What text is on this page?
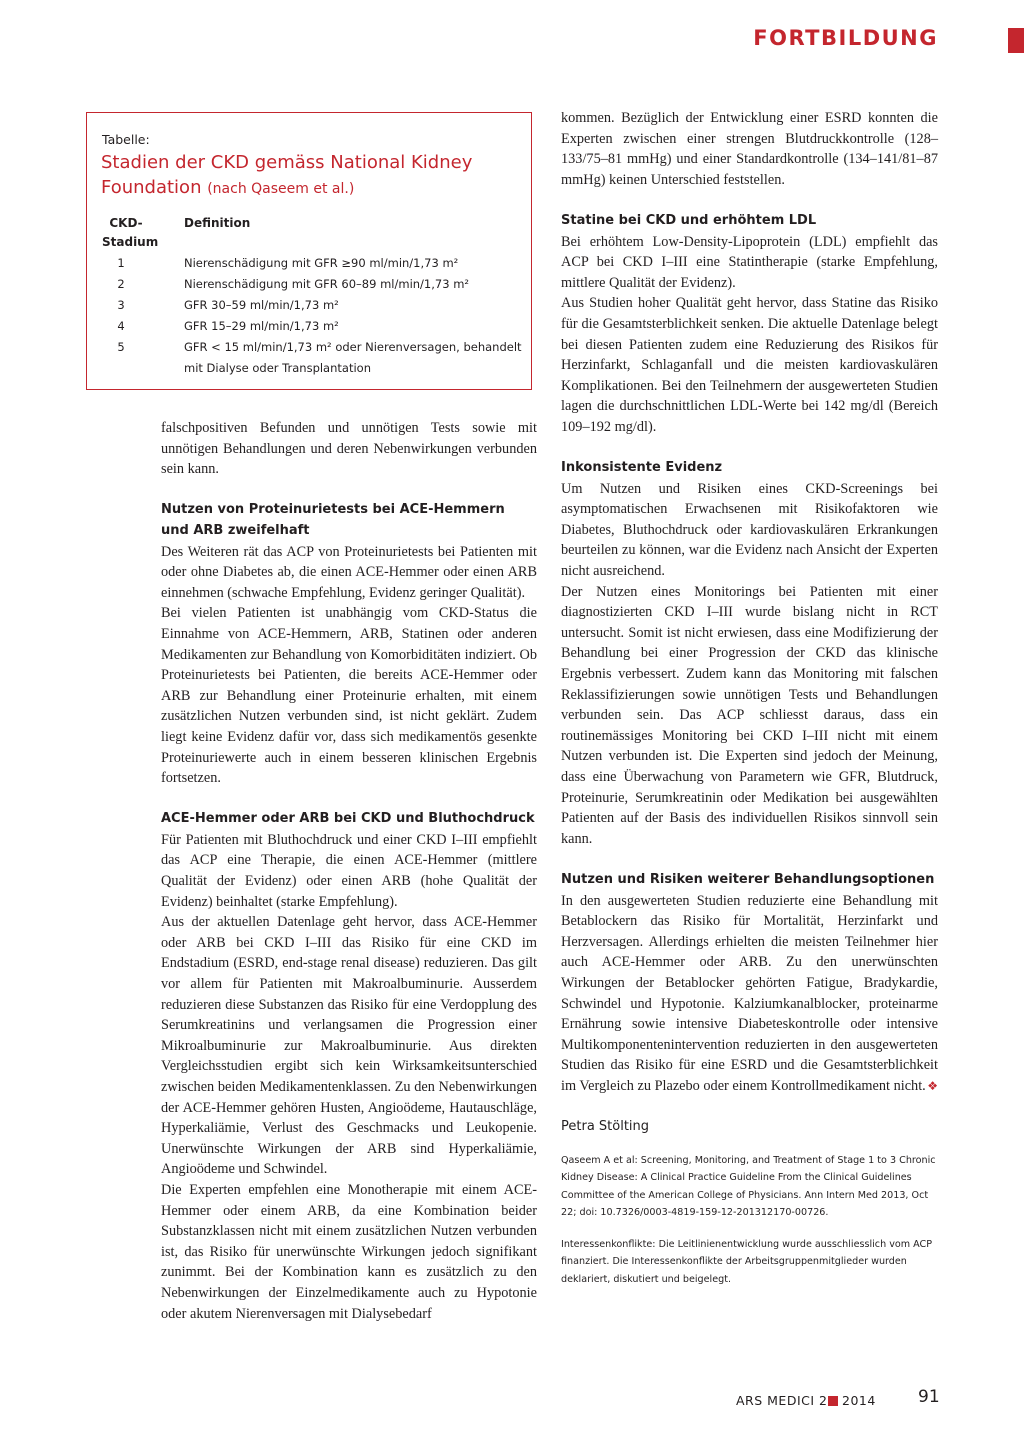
FORTBILDUNG
Tabelle:
Stadien der CKD gemäss National Kidney Foundation (nach Qaseem et al.)
CKD-Stadium
Definition
1	Nierenschädigung mit GFR ≥90 ml/min/1,73 m²
2	Nierenschädigung mit GFR 60–89 ml/min/1,73 m²
3	GFR 30–59 ml/min/1,73 m²
4	GFR 15–29 ml/min/1,73 m²
5	GFR < 15 ml/min/1,73 m² oder Nierenversagen, behandelt mit Dialyse oder Transplantation

falschpositiven Befunden und unnötigen Tests sowie mit unnötigen Behandlungen und deren Nebenwirkungen verbunden sein kann.

Nutzen von Proteinurietests bei ACE-Hemmern und ARB zweifelhaft

Des Weiteren rät das ACP von Proteinurietests bei Patienten mit oder ohne Diabetes ab, die einen ACE-Hemmer oder einen ARB einnehmen (schwache Empfehlung, Evidenz geringer Qualität).

Bei vielen Patienten ist unabhängig vom CKD-Status die Einnahme von ACE-Hemmern, ARB, Statinen oder anderen Medikamenten zur Behandlung von Komorbiditäten indiziert. Ob Proteinurietests bei Patienten, die bereits ACE-Hemmer oder ARB zur Behandlung einer Proteinurie erhalten, mit einem zusätzlichen Nutzen verbunden sind, ist nicht geklärt. Zudem liegt keine Evidenz dafür vor, dass sich medikamentös gesenkte Proteinuriewerte auch in einem besseren klinischen Ergebnis fortsetzen.

ACE-Hemmer oder ARB bei CKD und Bluthochdruck

Für Patienten mit Bluthochdruck und einer CKD I–III empfiehlt das ACP eine Therapie, die einen ACE-Hemmer (mittlere Qualität der Evidenz) oder einen ARB (hohe Qualität der Evidenz) beinhaltet (starke Empfehlung).

Aus der aktuellen Datenlage geht hervor, dass ACE-Hemmer oder ARB bei CKD I–III das Risiko für eine CKD im Endstadium (ESRD, end-stage renal disease) reduzieren. Das gilt vor allem für Patienten mit Makroalbuminurie. Ausserdem reduzieren diese Substanzen das Risiko für eine Verdopplung des Serumkreatinins und verlangsamen die Progression einer Mikroalbuminurie zur Makroalbuminurie. Aus direkten Vergleichsstudien ergibt sich kein Wirksamkeitsunterschied zwischen beiden Medikamentenklassen. Zu den Nebenwirkungen der ACE-Hemmer gehören Husten, Angioödeme, Hautauschläge, Hyperkaliämie, Verlust des Geschmacks und Leukopenie. Unerwünschte Wirkungen der ARB sind Hyperkaliämie, Angioödeme und Schwindel.

Die Experten empfehlen eine Monotherapie mit einem ACE-Hemmer oder einem ARB, da eine Kombination beider Substanzklassen nicht mit einem zusätzlichen Nutzen verbunden ist, das Risiko für unerwünschte Wirkungen jedoch signifikant zunimmt. Bei der Kombination kann es zusätzlich zu den Nebenwirkungen der Einzelmedikamente auch zu Hypotonie oder akutem Nierenversagen mit Dialysebedarf

kommen. Bezüglich der Entwicklung einer ESRD konnten die Experten zwischen einer strengen Blutdruckkontrolle (128–133/75–81 mmHg) und einer Standardkontrolle (134–141/81–87 mmHg) keinen Unterschied feststellen.

Statine bei CKD und erhöhtem LDL

Bei erhöhtem Low-Density-Lipoprotein (LDL) empfiehlt das ACP bei CKD I–III eine Statintherapie (starke Empfehlung, mittlere Qualität der Evidenz).

Aus Studien hoher Qualität geht hervor, dass Statine das Risiko für die Gesamtsterblichkeit senken. Die aktuelle Datenlage belegt bei diesen Patienten zudem eine Reduzierung des Risikos für Herzinfarkt, Schlaganfall und die meisten kardiovaskulären Komplikationen. Bei den Teilnehmern der ausgewerteten Studien lagen die durchschnittlichen LDL-Werte bei 142 mg/dl (Bereich 109–192 mg/dl).

Inkonsistente Evidenz

Um Nutzen und Risiken eines CKD-Screenings bei asymptomatischen Erwachsenen mit Risikofaktoren wie Diabetes, Bluthochdruck oder kardiovaskulären Erkrankungen beurteilen zu können, war die Evidenz nach Ansicht der Experten nicht ausreichend.

Der Nutzen eines Monitorings bei Patienten mit einer diagnostizierten CKD I–III wurde bislang nicht in RCT untersucht. Somit ist nicht erwiesen, dass eine Modifizierung der Behandlung bei einer Progression der CKD das klinische Ergebnis verbessert. Zudem kann das Monitoring mit falschen Reklassifizierungen sowie unnötigen Tests und Behandlungen verbunden sein. Das ACP schliesst daraus, dass ein routinemässiges Monitoring bei CKD I–III nicht mit einem Nutzen verbunden ist. Die Experten sind jedoch der Meinung, dass eine Überwachung von Parametern wie GFR, Blutdruck, Proteinurie, Serumkreatinin oder Medikation bei ausgewählten Patienten auf der Basis des individuellen Risikos sinnvoll sein kann.

Nutzen und Risiken weiterer Behandlungsoptionen

In den ausgewerteten Studien reduzierte eine Behandlung mit Betablockern das Risiko für Mortalität, Herzinfarkt und Herzversagen. Allerdings erhielten die meisten Teilnehmer hier auch ACE-Hemmer oder ARB. Zu den unerwünschten Wirkungen der Betablocker gehörten Fatigue, Bradykardie, Schwindel und Hypotonie. Kalziumkanalblocker, proteinarme Ernährung sowie intensive Diabeteskontrolle oder intensive Multikomponentenintervention reduzierten in den ausgewerteten Studien das Risiko für eine ESRD und die Gesamtsterblichkeit im Vergleich zu Plazebo oder einem Kontrollmedikament nicht. ❖

Petra Stölting

Qaseem A et al: Screening, Monitoring, and Treatment of Stage 1 to 3 Chronic Kidney Disease: A Clinical Practice Guideline From the Clinical Guidelines Committee of the American College of Physicians. Ann Intern Med 2013, Oct 22; doi: 10.7326/0003-4819-159-12-201312170-00726.

Interessenkonflikte: Die Leitlinienentwicklung wurde ausschliesslich vom ACP finanziert. Die Interessenkonflikte der Arbeitsgruppenmitglieder wurden deklariert, diskutiert und beigelegt.

ARS MEDICI 2 2014 91
